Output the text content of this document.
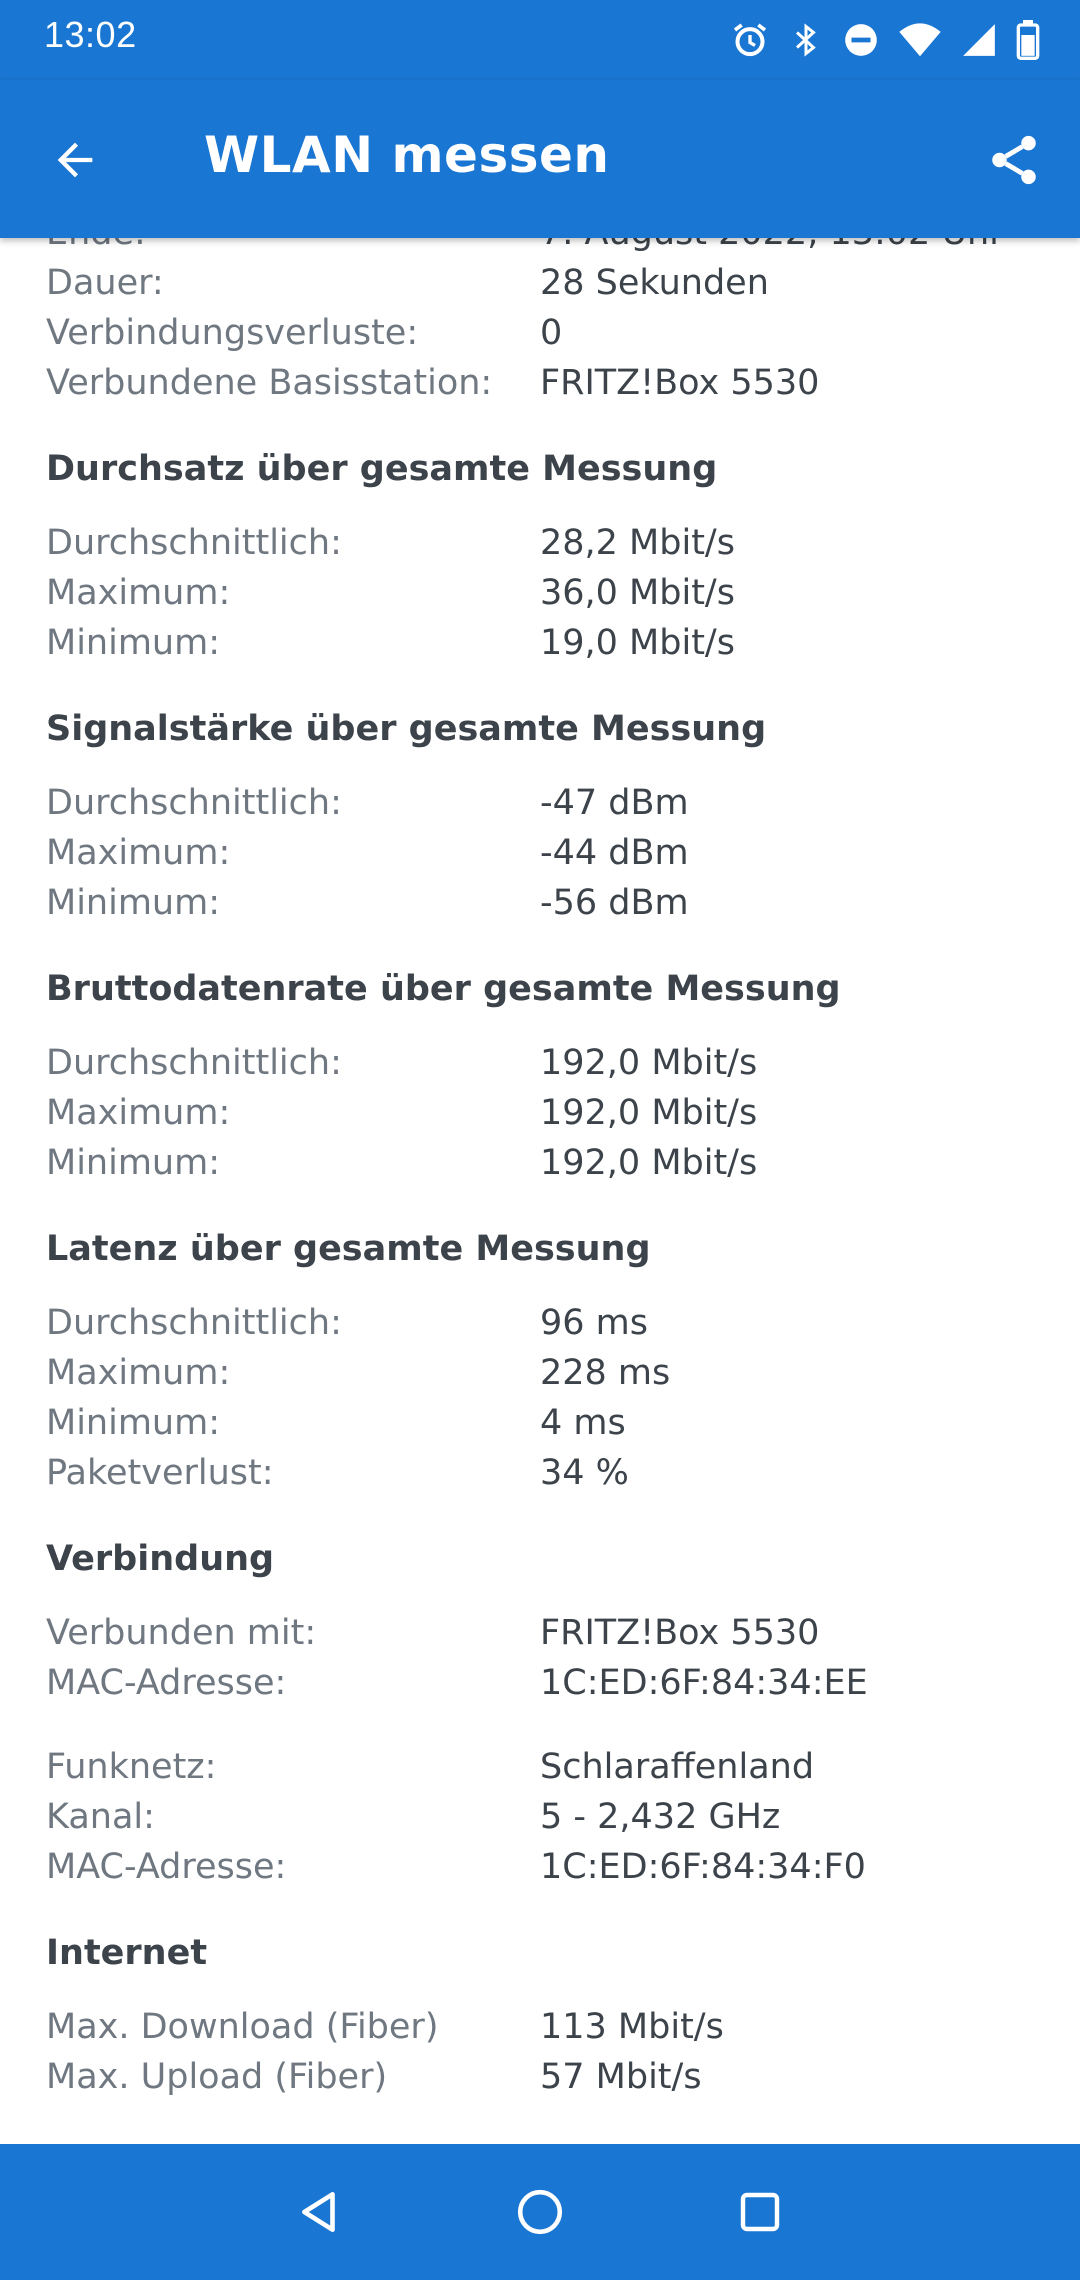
13:02
WLAN messen
Dauer:	28 Sekunden
Verbindungsverluste:	0
Verbundene Basisstation: FRITZ!Box 5530
Durchsatz über gesamte Messung
Durchschnittlich:	28,2 Mbit/s
Maximum:	36,0 Mbit/s
Minimum:	19,0 Mbit/s
Signalstärke über gesamte Messung
Durchschnittlich:	-47 dBm
Maximum:	-44 dBm
Minimum:	-56 dBm
Bruttodatenrate über gesamte Messung
Durchschnittlich:	192,0 Mbit/s
Maximum:	192,0 Mbit/s
Minimum:	192,0 Mbit/s
Latenz über gesamte Messung
Durchschnittlich:	96 ms
Maximum:	228 ms
Minimum:	4 ms
Paketverlust:	34 %
Verbindung
Verbunden mit:	FRITZ!Box 5530
MAC-Adresse:	1C:ED:6F:84:34:EE
Funknetz:	Schlaraffenland
Kanal:	5 - 2,432 GHz
MAC-Adresse:	1C:ED:6F:84:34:F0
Internet
Max. Download (Fiber)	113 Mbit/s
Max. Upload (Fiber)	57 Mbit/s
